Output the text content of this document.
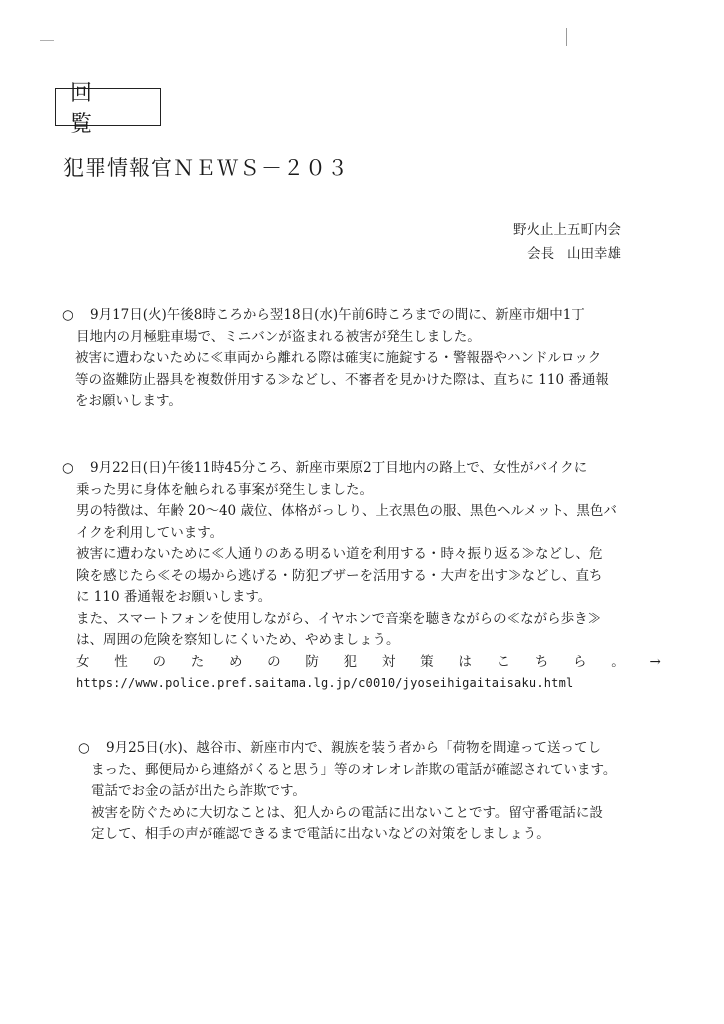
回 覧
犯罪情報官ＮＥＷＳ－２０３
野火止上五町内会
会長 山田幸雄
○ 9月17日(火)午後8時ころから翌18日(水)午前6時ころまでの間に、新座市畑中1丁
目地内の月極駐車場で、ミニバンが盗まれる被害が発生しました。
被害に遭わないために≪車両から離れる際は確実に施錠する・警報器やハンドルロック
等の盗難防止器具を複数併用する≫などし、不審者を見かけた際は、直ちに 110 番通報
をお願いします。
○ 9月22日(日)午後11時45分ころ、新座市栗原2丁目地内の路上で、女性がバイクに
乗った男に身体を触られる事案が発生しました。
男の特徴は、年齢 20～40 歳位、体格がっしり、上衣黒色の服、黒色ヘルメット、黒色バ
イクを利用しています。
被害に遭わないために≪人通りのある明るい道を利用する・時々振り返る≫などし、危
険を感じたら≪その場から逃げる・防犯ブザーを活用する・大声を出す≫などし、直ち
に 110 番通報をお願いします。
また、スマートフォンを使用しながら、イヤホンで音楽を聴きながらの≪ながら歩き≫
は、周囲の危険を察知しにくいため、やめましょう。
女 性 の た め の 防 犯 対 策 は こ ち ら 。 →
https://www.police.pref.saitama.lg.jp/c0010/jyoseihigaitaisaku.html
○ 9月25日(水)、越谷市、新座市内で、親族を装う者から「荷物を間違って送ってし
まった、郵便局から連絡がくると思う」等のオレオレ詐欺の電話が確認されています。
電話でお金の話が出たら詐欺です。
被害を防ぐために大切なことは、犯人からの電話に出ないことです。留守番電話に設
定して、相手の声が確認できるまで電話に出ないなどの対策をしましょう。
